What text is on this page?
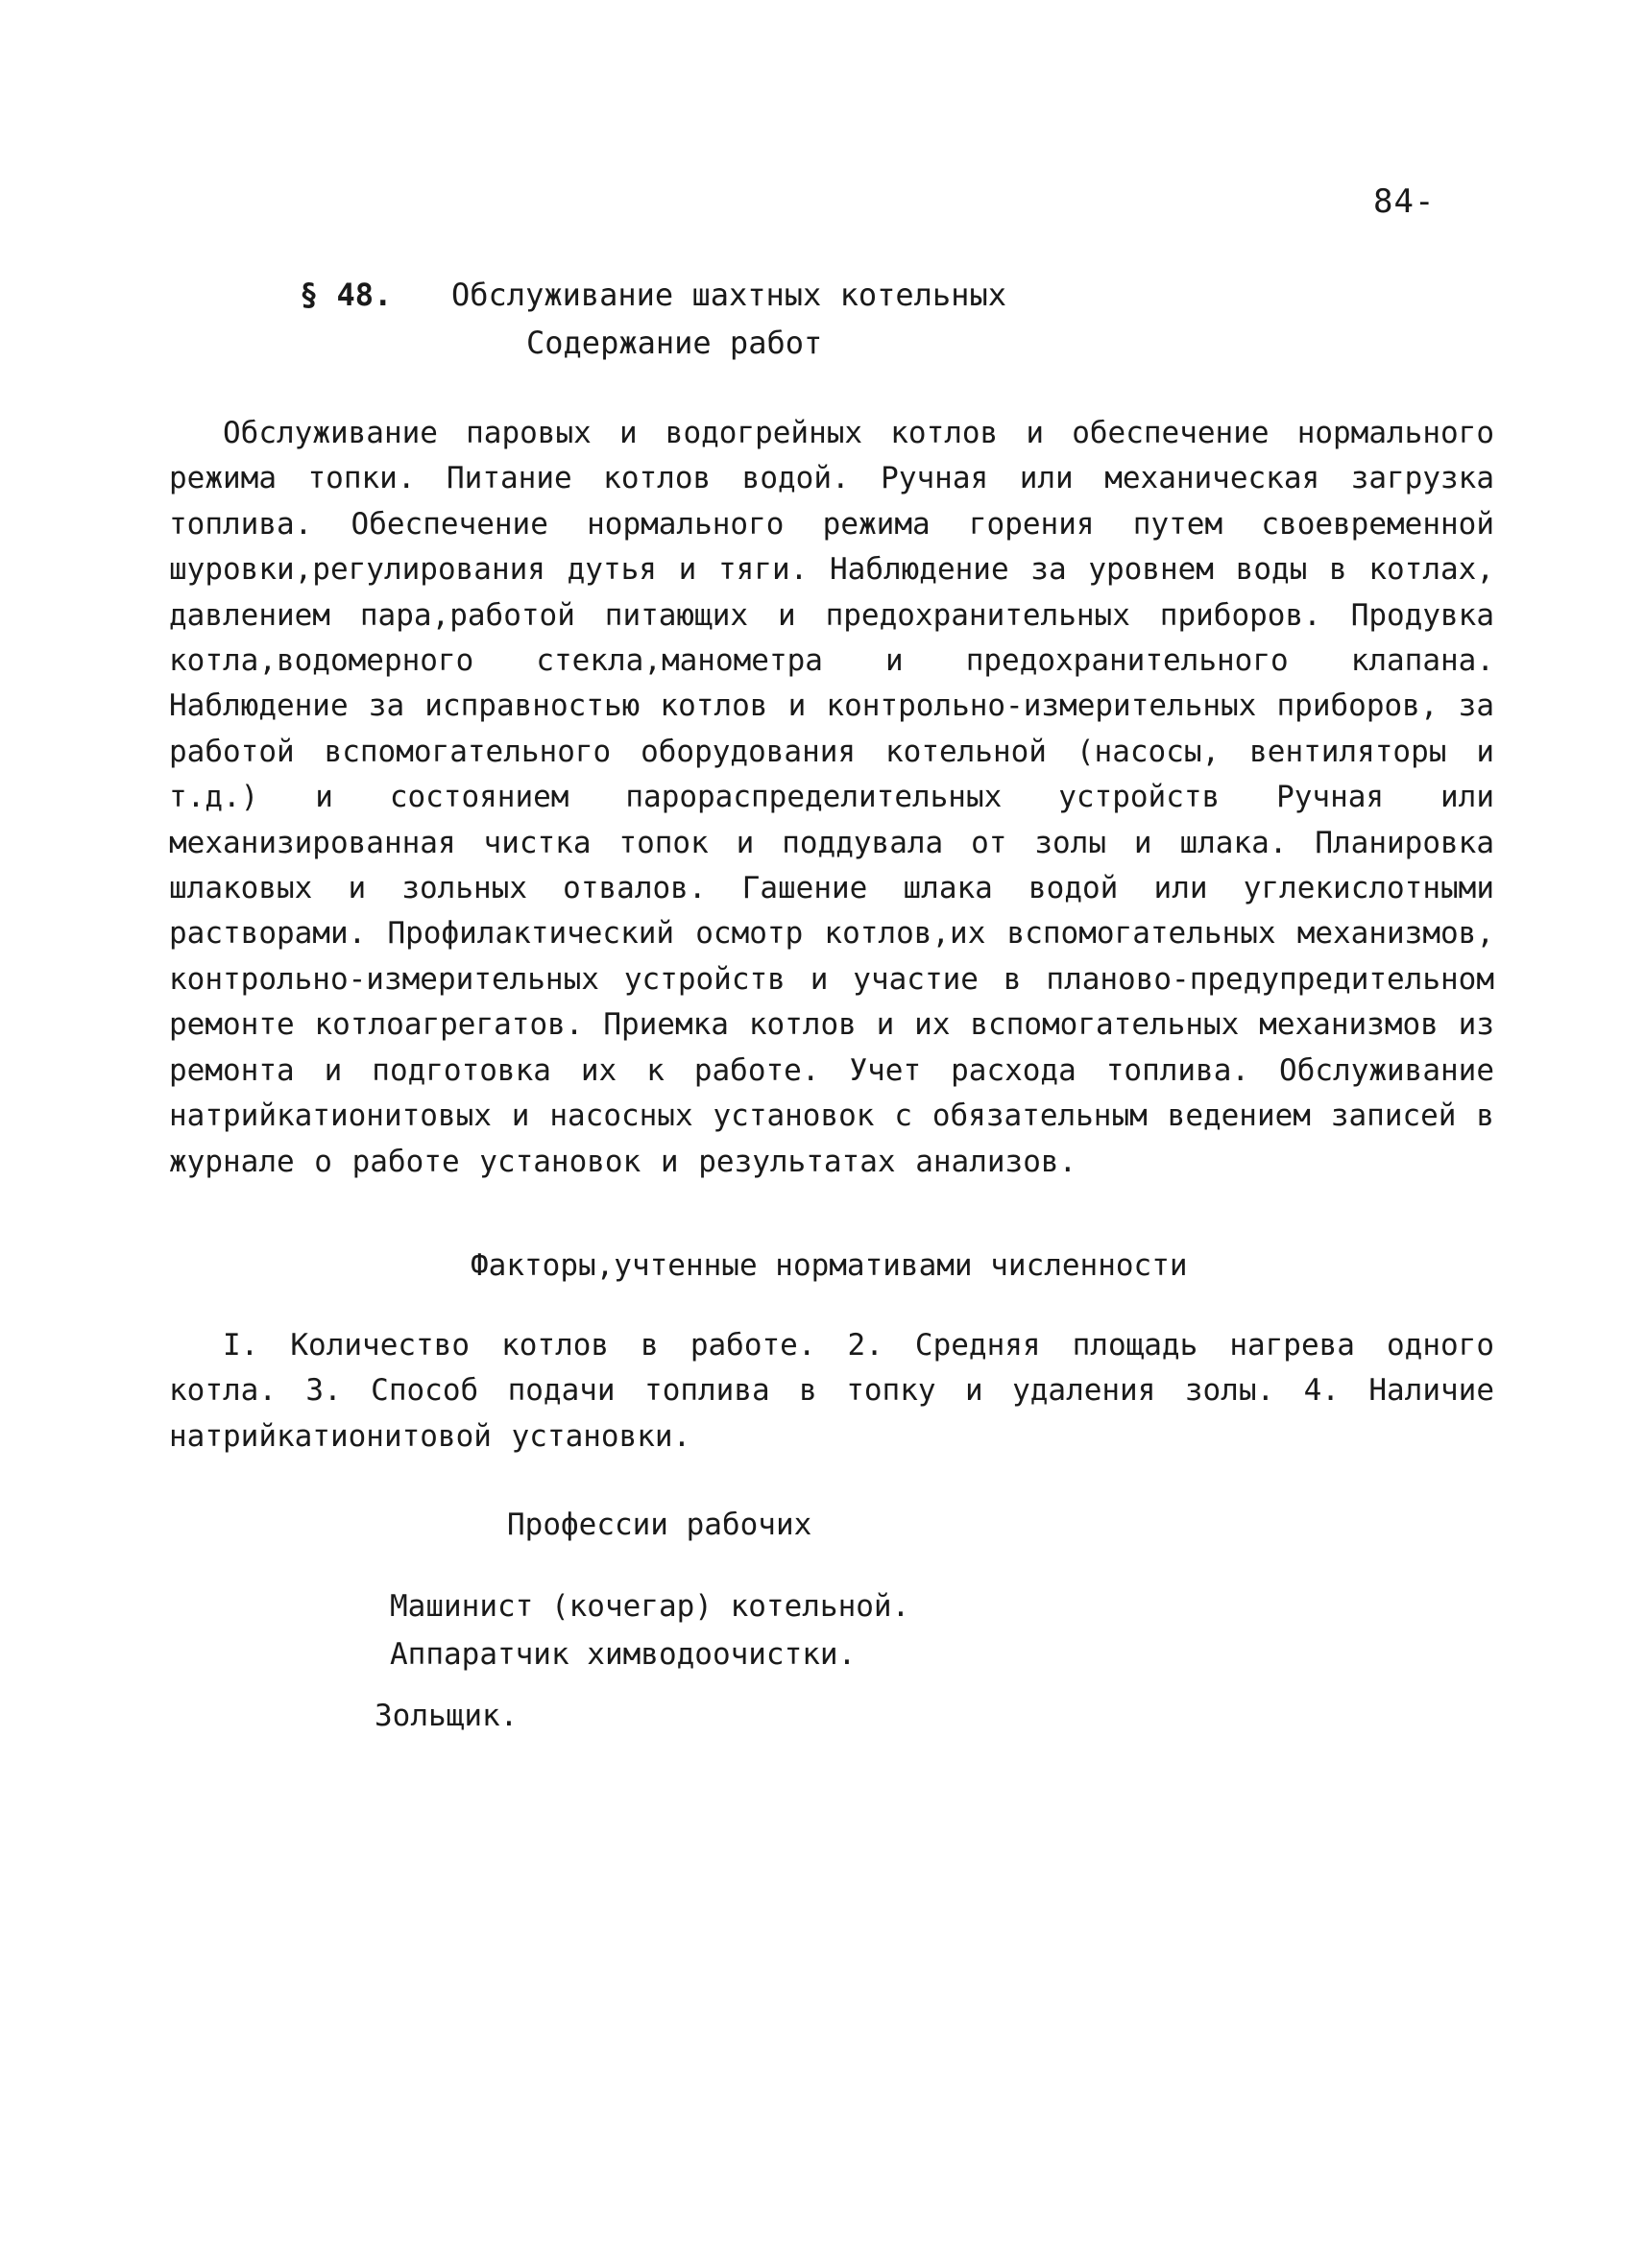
84-
§ 48. Обслуживание шахтных котельных
Содержание работ
Обслуживание паровых и водогрейных котлов и обеспечение нормального режима топки. Питание котлов водой. Ручная или механическая загрузка топлива. Обеспечение нормального режима горения путем своевременной шуровки,регулирования дутья и тяги. Наблюдение за уровнем воды в котлах, давлением пара,работой питающих и предохранительных приборов. Продувка котла,водомерного стекла,манометра и предохранительного клапана. Наблюдение за исправностью котлов и контрольно-измерительных приборов, за работой вспомогательного оборудования котельной (насосы, вентиляторы и т.д.) и состоянием парораспределительных устройств Ручная или механизированная чистка топок и поддувала от золы и шлака. Планировка шлаковых и зольных отвалов. Гашение шлака водой или углекислотными растворами. Профилактический осмотр котлов,их вспомогательных механизмов, контрольно-измерительных устройств и участие в планово-предупредительном ремонте котлоагрегатов. Приемка котлов и их вспомогательных механизмов из ремонта и подготовка их к работе. Учет расхода топлива. Обслуживание натрийкатионитовых и насосных установок с обязательным ведением записей в журнале о работе установок и результатах анализов.
Факторы,учтенные нормативами численности
I. Количество котлов в работе. 2. Средняя площадь нагрева одного котла. 3. Способ подачи топлива в топку и удаления золы. 4. Наличие натрийкатионитовой установки.
Профессии рабочих
Машинист (кочегар) котельной.
Аппаратчик химводоочистки.
Зольщик.
